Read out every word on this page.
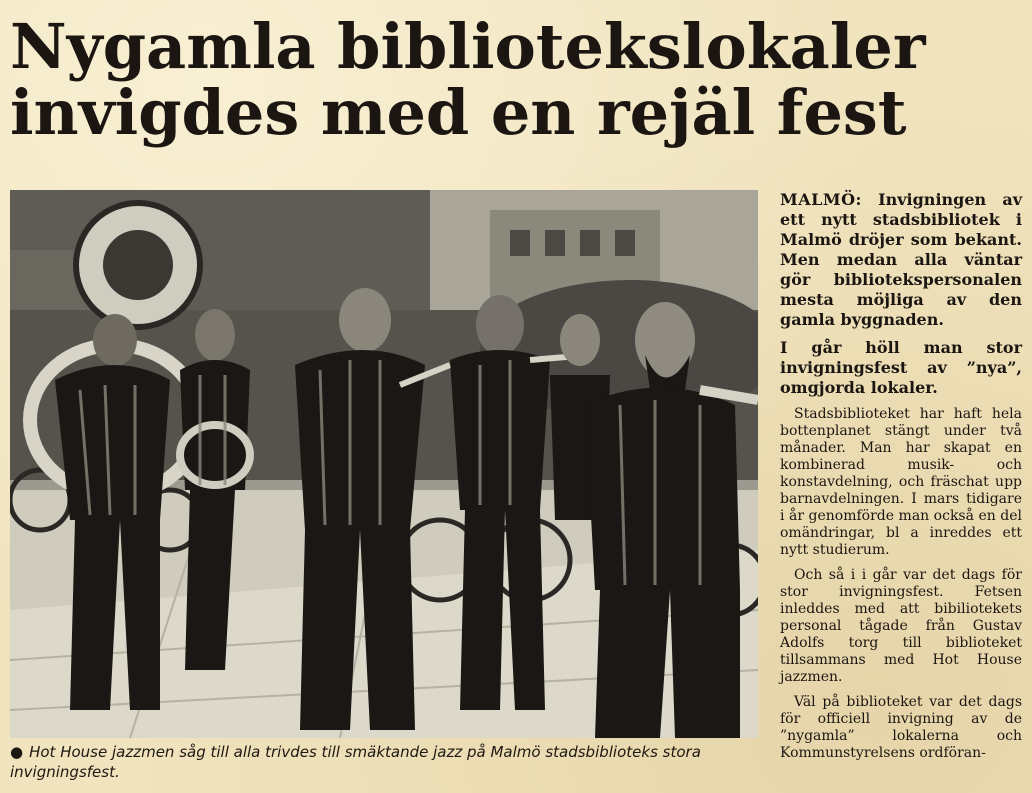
Nygamla bibliotekslokaler
invigdes med en rejäl fest
● Hot House jazzmen såg till alla trivdes till smäktande jazz på Malmö stadsbiblioteks stora invigningsfest.

MALMÖ: Invigningen av ett nytt stadsbibliotek i Malmö dröjer som bekant. Men medan alla väntar gör bibliotekspersonalen mesta möjliga av den gamla byggnaden.

I går höll man stor invigningsfest av ”nya”, omgjorda lokaler.

Stadsbiblioteket har haft hela bottenplanet stängt under två månader. Man har skapat en kombinerad musik- och konstavdelning, och fräschat upp barnavdelningen. I mars tidigare i år genomförde man också en del omändringar, bl a inreddes ett nytt studierum.

Och så i i går var det dags för stor invigningsfest. Fetsen inleddes med att bibiliotekets personal tågade från Gustav Adolfs torg till biblioteket tillsammans med Hot House jazzmen.

Väl på biblioteket var det dags för officiell invigning av de ”nygamla” lokalerna och Kommunstyrelsens ordföran-
